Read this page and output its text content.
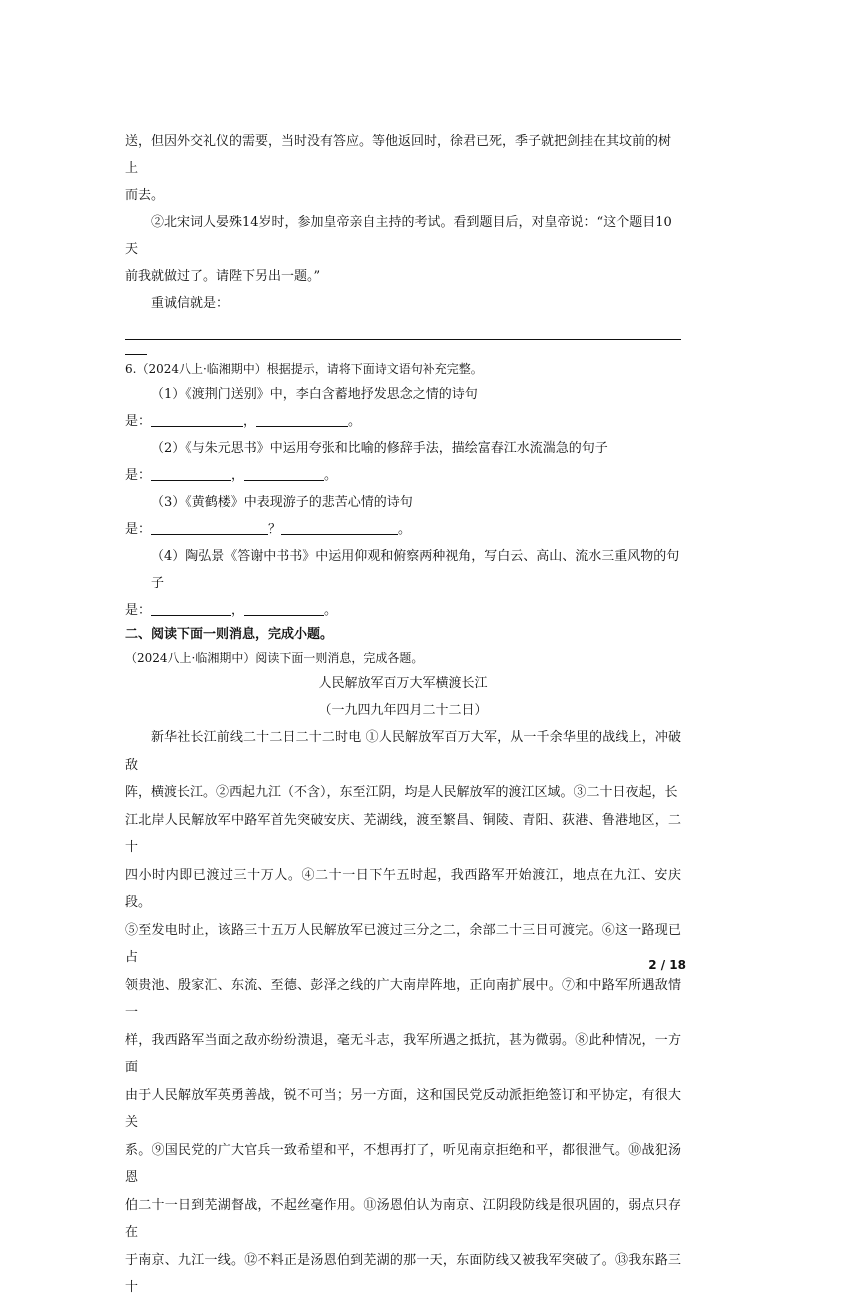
送，但因外交礼仪的需要，当时没有答应。等他返回时，徐君已死，季子就把剑挂在其坟前的树上

而去。

②北宋词人晏殊14岁时，参加皇帝亲自主持的考试。看到题目后，对皇帝说：“这个题目10天

前我就做过了。请陛下另出一题。”

重诚信就是：

6.（2024八上·临湘期中）根据提示，请将下面诗文语句补充完整。

（1）《渡荆门送别》中，李白含蓄地抒发思念之情的诗句

是：	，	。

（2）《与朱元思书》中运用夸张和比喻的修辞手法，描绘富春江水流湍急的句子

是：	，	。

（3）《黄鹤楼》中表现游子的悲苦心情的诗句

是：	？	。

（4）陶弘景《答谢中书书》中运用仰观和俯察两种视角，写白云、高山、流水三重风物的句子

是：	，	。

二、阅读下面一则消息，完成小题。

（2024八上·临湘期中）阅读下面一则消息，完成各题。

人民解放军百万大军横渡长江

（一九四九年四月二十二日）

新华社长江前线二十二日二十二时电 ①人民解放军百万大军，从一千余华里的战线上，冲破敌

阵，横渡长江。②西起九江（不含），东至江阴，均是人民解放军的渡江区域。③二十日夜起，长

江北岸人民解放军中路军首先突破安庆、芜湖线，渡至繁昌、铜陵、青阳、荻港、鲁港地区，二十

四小时内即已渡过三十万人。④二十一日下午五时起，我西路军开始渡江，地点在九江、安庆段。

⑤至发电时止，该路三十五万人民解放军已渡过三分之二，余部二十三日可渡完。⑥这一路现已占

领贵池、殷家汇、东流、至德、彭泽之线的广大南岸阵地，正向南扩展中。⑦和中路军所遇敌情一

样，我西路军当面之敌亦纷纷溃退，毫无斗志，我军所遇之抵抗，甚为微弱。⑧此种情况，一方面

由于人民解放军英勇善战，锐不可当；另一方面，这和国民党反动派拒绝签订和平协定，有很大关

系。⑨国民党的广大官兵一致希望和平，不想再打了，听见南京拒绝和平，都很泄气。⑩战犯汤恩

伯二十一日到芜湖督战，不起丝毫作用。⑪汤恩伯认为南京、江阴段防线是很巩固的，弱点只存在

于南京、九江一线。⑫不料正是汤恩伯到芜湖的那一天，东面防线又被我军突破了。⑬我东路三十

2 / 18
